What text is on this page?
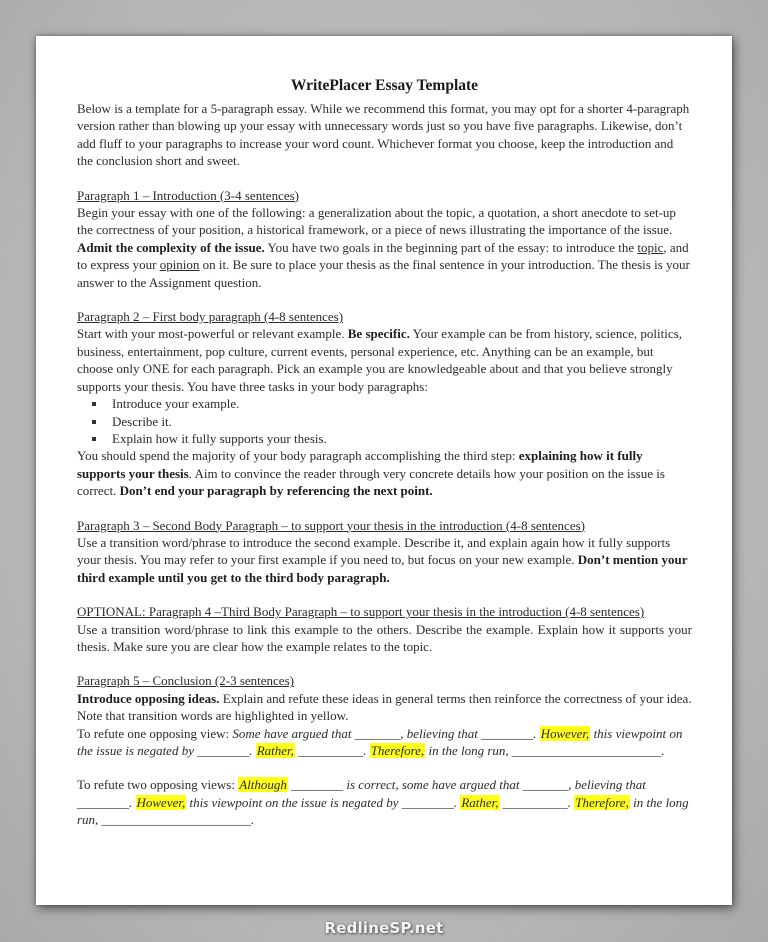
WritePlacer Essay Template

Below is a template for a 5-paragraph essay. While we recommend this format, you may opt for a shorter 4-paragraph version rather than blowing up your essay with unnecessary words just so you have five paragraphs. Likewise, don’t add fluff to your paragraphs to increase your word count. Whichever format you choose, keep the introduction and the conclusion short and sweet.

Paragraph 1 – Introduction (3-4 sentences)

Begin your essay with one of the following: a generalization about the topic, a quotation, a short anecdote to set-up the correctness of your position, a historical framework, or a piece of news illustrating the importance of the issue. Admit the complexity of the issue. You have two goals in the beginning part of the essay: to introduce the topic, and to express your opinion on it. Be sure to place your thesis as the final sentence in your introduction. The thesis is your answer to the Assignment question.

Paragraph 2 – First body paragraph (4-8 sentences)

Start with your most-powerful or relevant example. Be specific. Your example can be from history, science, politics, business, entertainment, pop culture, current events, personal experience, etc. Anything can be an example, but choose only ONE for each paragraph. Pick an example you are knowledgeable about and that you believe strongly supports your thesis. You have three tasks in your body paragraphs:

Introduce your example.
Describe it.
Explain how it fully supports your thesis.

You should spend the majority of your body paragraph accomplishing the third step: explaining how it fully supports your thesis. Aim to convince the reader through very concrete details how your position on the issue is correct. Don’t end your paragraph by referencing the next point.

Paragraph 3 – Second Body Paragraph – to support your thesis in the introduction (4-8 sentences)

Use a transition word/phrase to introduce the second example. Describe it, and explain again how it fully supports your thesis. You may refer to your first example if you need to, but focus on your new example. Don’t mention your third example until you get to the third body paragraph.

OPTIONAL: Paragraph 4 –Third Body Paragraph – to support your thesis in the introduction (4-8 sentences)

Use a transition word/phrase to link this example to the others. Describe the example. Explain how it supports your thesis. Make sure you are clear how the example relates to the topic.

Paragraph 5 – Conclusion (2-3 sentences)

Introduce opposing ideas. Explain and refute these ideas in general terms then reinforce the correctness of your idea. Note that transition words are highlighted in yellow.

To refute one opposing view: Some have argued that _______, believing that ________. However, this viewpoint on the issue is negated by ________. Rather, __________. Therefore, in the long run, _______________________.

To refute two opposing views: Although ________ is correct, some have argued that _______, believing that ________. However, this viewpoint on the issue is negated by ________. Rather, __________. Therefore, in the long run, _______________________.

RedlineSP.net
